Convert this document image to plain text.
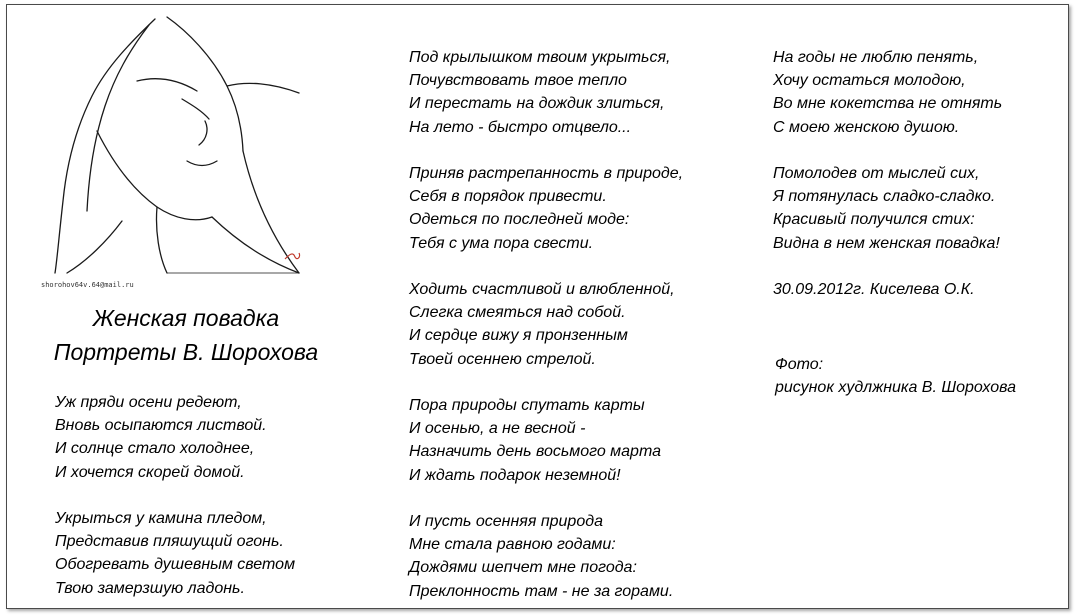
shorohov64v.64@mail.ru
Женская повадка
Портреты В. Шорохова
Уж пряди осени редеют,
Вновь осыпаются листвой.
И солнце стало холоднее,
И хочется скорей домой.
Укрыться у камина пледом,
Представив пляшущий огонь.
Обогревать душевным светом
Твою замерзшую ладонь.
Под крылышком твоим укрыться,
Почувствовать твое тепло
И перестать на дождик злиться,
На лето - быстро отцвело...
Приняв растрепанность в природе,
Себя в порядок привести.
Одеться по последней моде:
Тебя с ума пора свести.
Ходить счастливой и влюбленной,
Слегка смеяться над собой.
И сердце вижу я пронзенным
Твоей осеннею стрелой.
Пора природы спутать карты
И осенью, а не весной -
Назначить день восьмого марта
И ждать подарок неземной!
И пусть осенняя природа
Мне стала равною годами:
Дождями шепчет мне погода:
Преклонность там - не за горами.
На годы не люблю пенять,
Хочу остаться молодою,
Во мне кокетства не отнять
С моею женскою душою.
Помолодев от мыслей сих,
Я потянулась сладко-сладко.
Красивый получился стих:
Видна в нем женская повадка!
30.09.2012г. Киселева О.К.
Фото:
рисунок худлжника В. Шорохова
